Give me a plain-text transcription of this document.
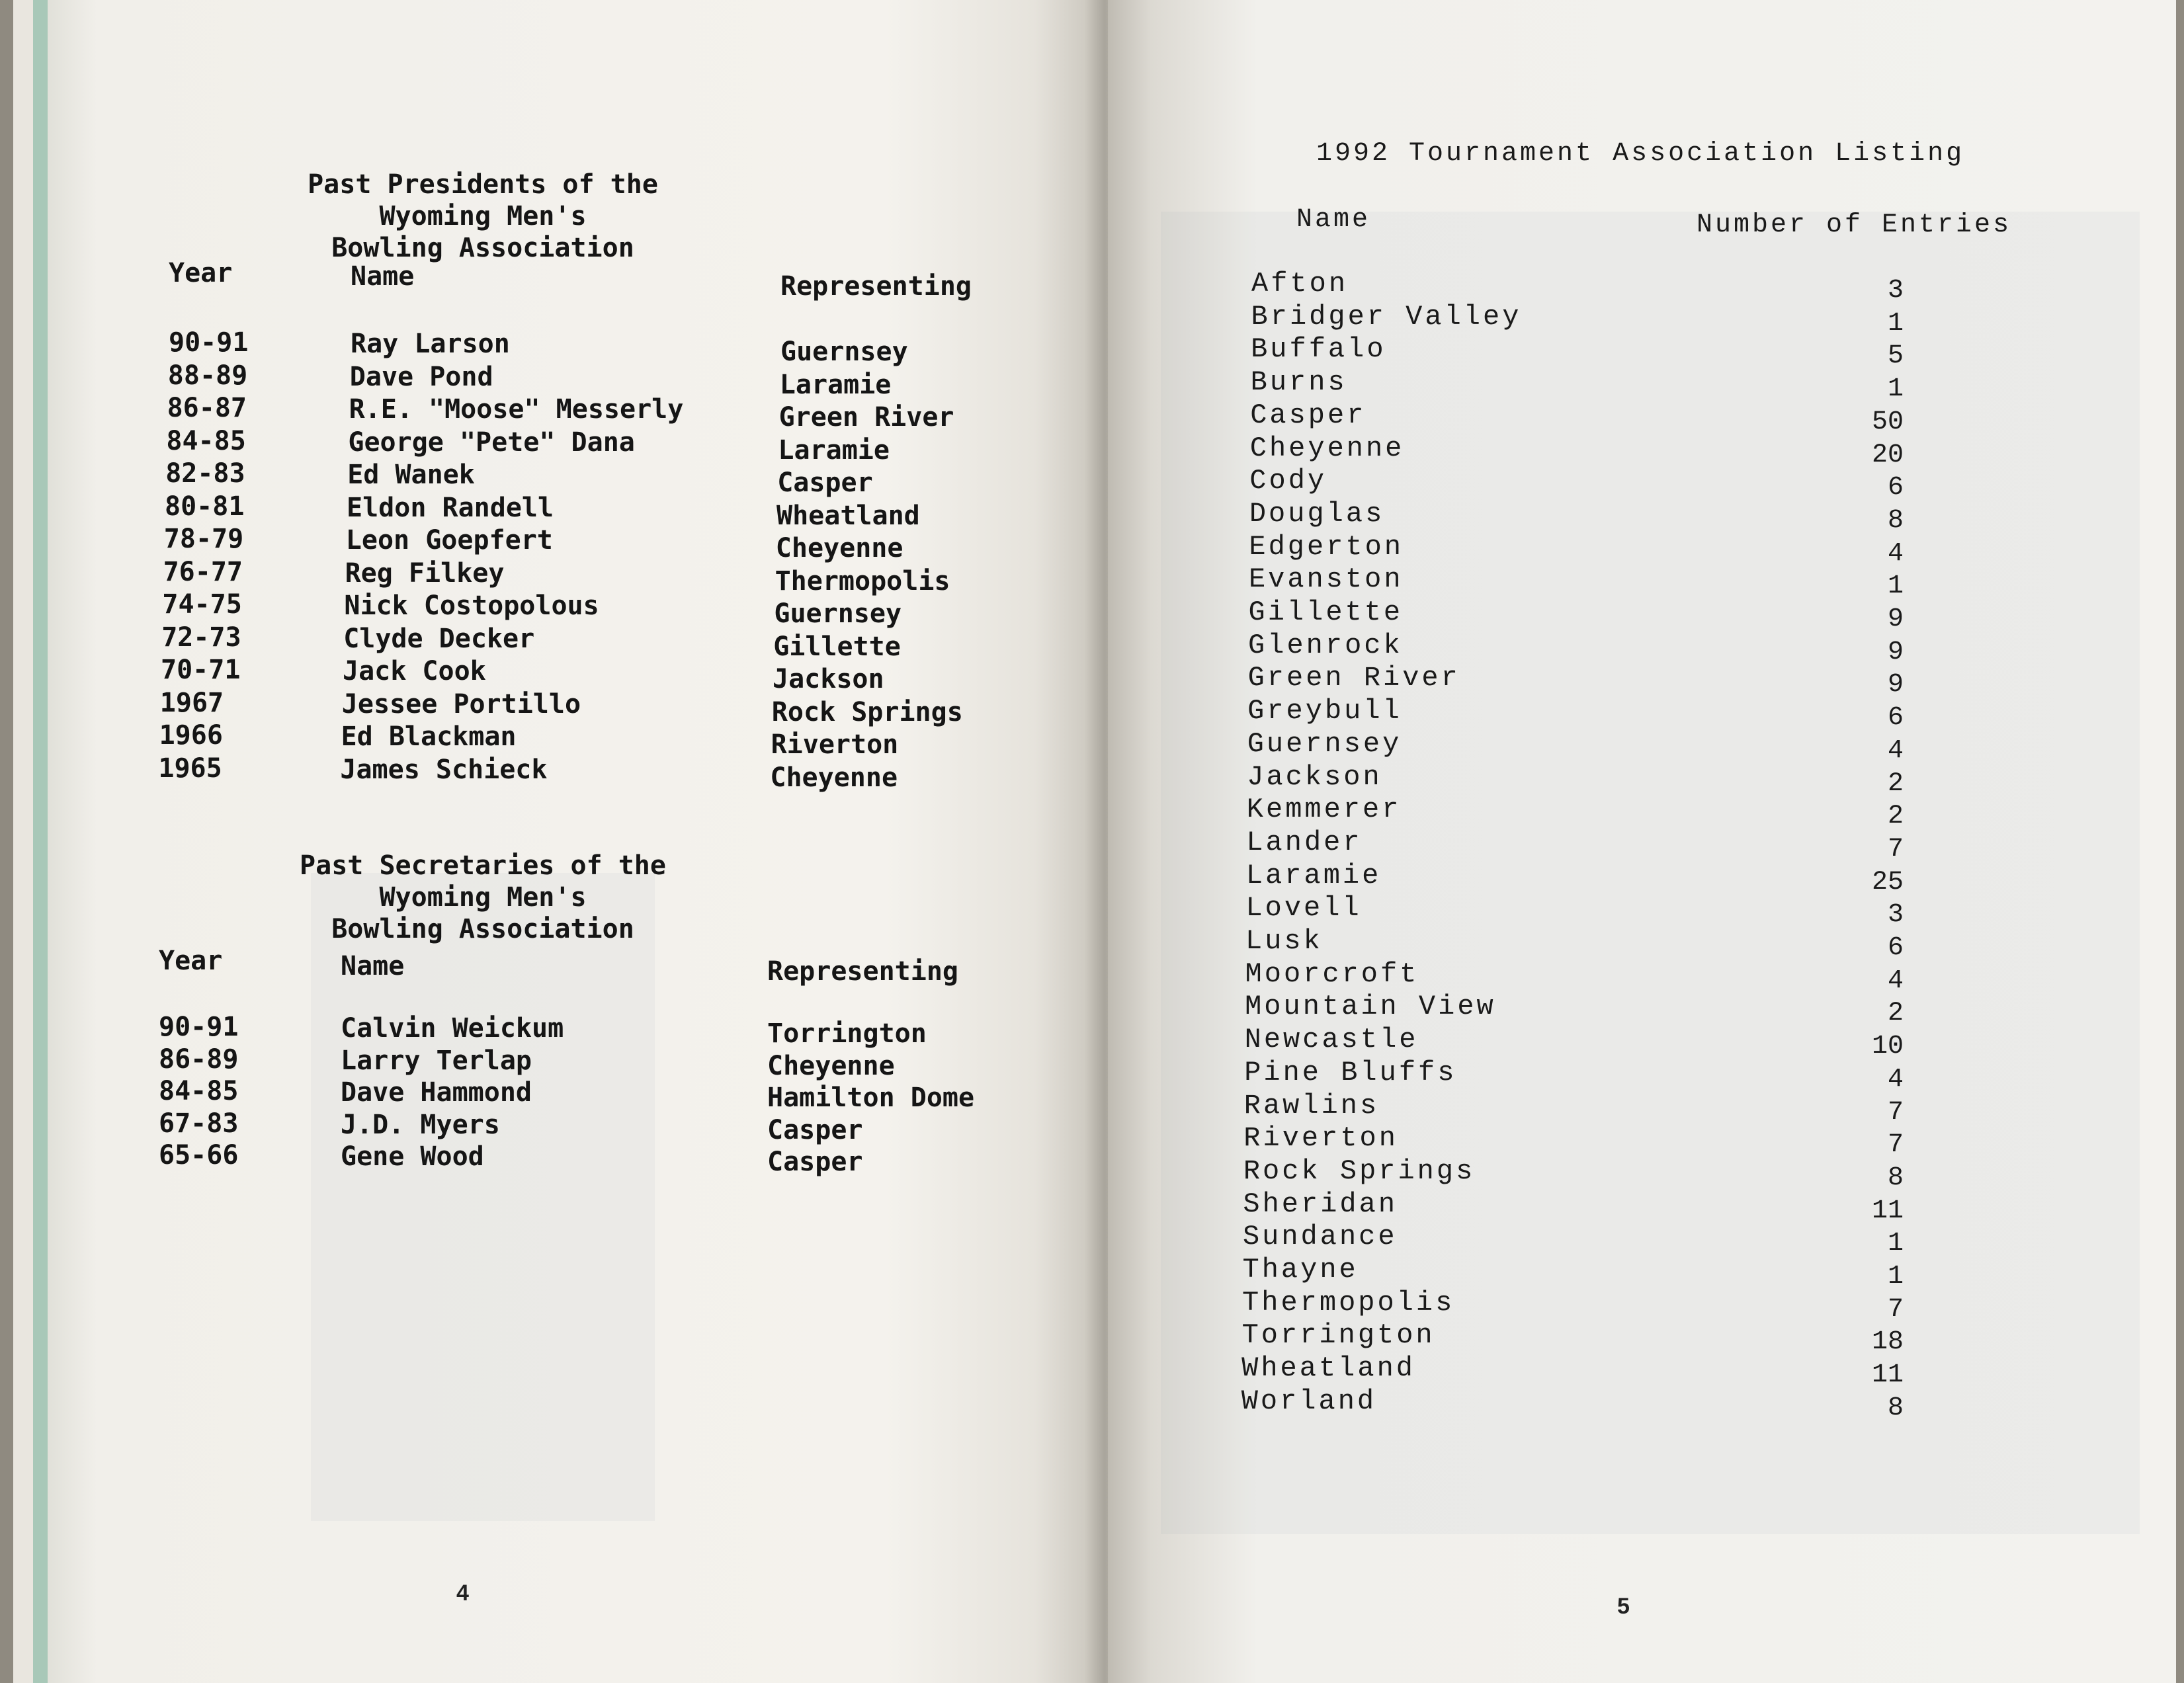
Past Presidents of the Wyoming Men's
Bowling Association
Year	Name	Representing
90-91	Ray Larson	Guernsey
88-89	Dave Pond	Laramie
86-87	R.E. "Moose" Messerly	Green River
84-85	George "Pete" Dana	Laramie
82-83	Ed Wanek	Casper
80-81	Eldon Randell	Wheatland
78-79	Leon Goepfert	Cheyenne
76-77	Reg Filkey	Thermopolis
74-75	Nick Costopolous	Guernsey
72-73	Clyde Decker	Gillette
70-71	Jack Cook	Jackson
1967	Jessee Portillo	Rock Springs
1966	Ed Blackman	Riverton
1965	James Schieck	Cheyenne
Past Secretaries of the Wyoming Men's
Bowling Association
Year	Name	Representing
90-91	Calvin Weickum	Torrington
86-89	Larry Terlap	Cheyenne
84-85	Dave Hammond	Hamilton Dome
67-83	J.D. Myers	Casper
65-66	Gene Wood	Casper
4
1992 Tournament Association Listing
Name	Number of Entries
Afton	3
Bridger Valley	1
Buffalo	5
Burns	1
Casper	50
Cheyenne	20
Cody	6
Douglas	8
Edgerton	4
Evanston	1
Gillette	9
Glenrock	9
Green River	9
Greybull	6
Guernsey	4
Jackson	2
Kemmerer	2
Lander	7
Laramie	25
Lovell	3
Lusk	6
Moorcroft	4
Mountain View	2
Newcastle	10
Pine Bluffs	4
Rawlins	7
Riverton	7
Rock Springs	8
Sheridan	11
Sundance	1
Thayne	1
Thermopolis	7
Torrington	18
Wheatland	11
Worland	8
5
